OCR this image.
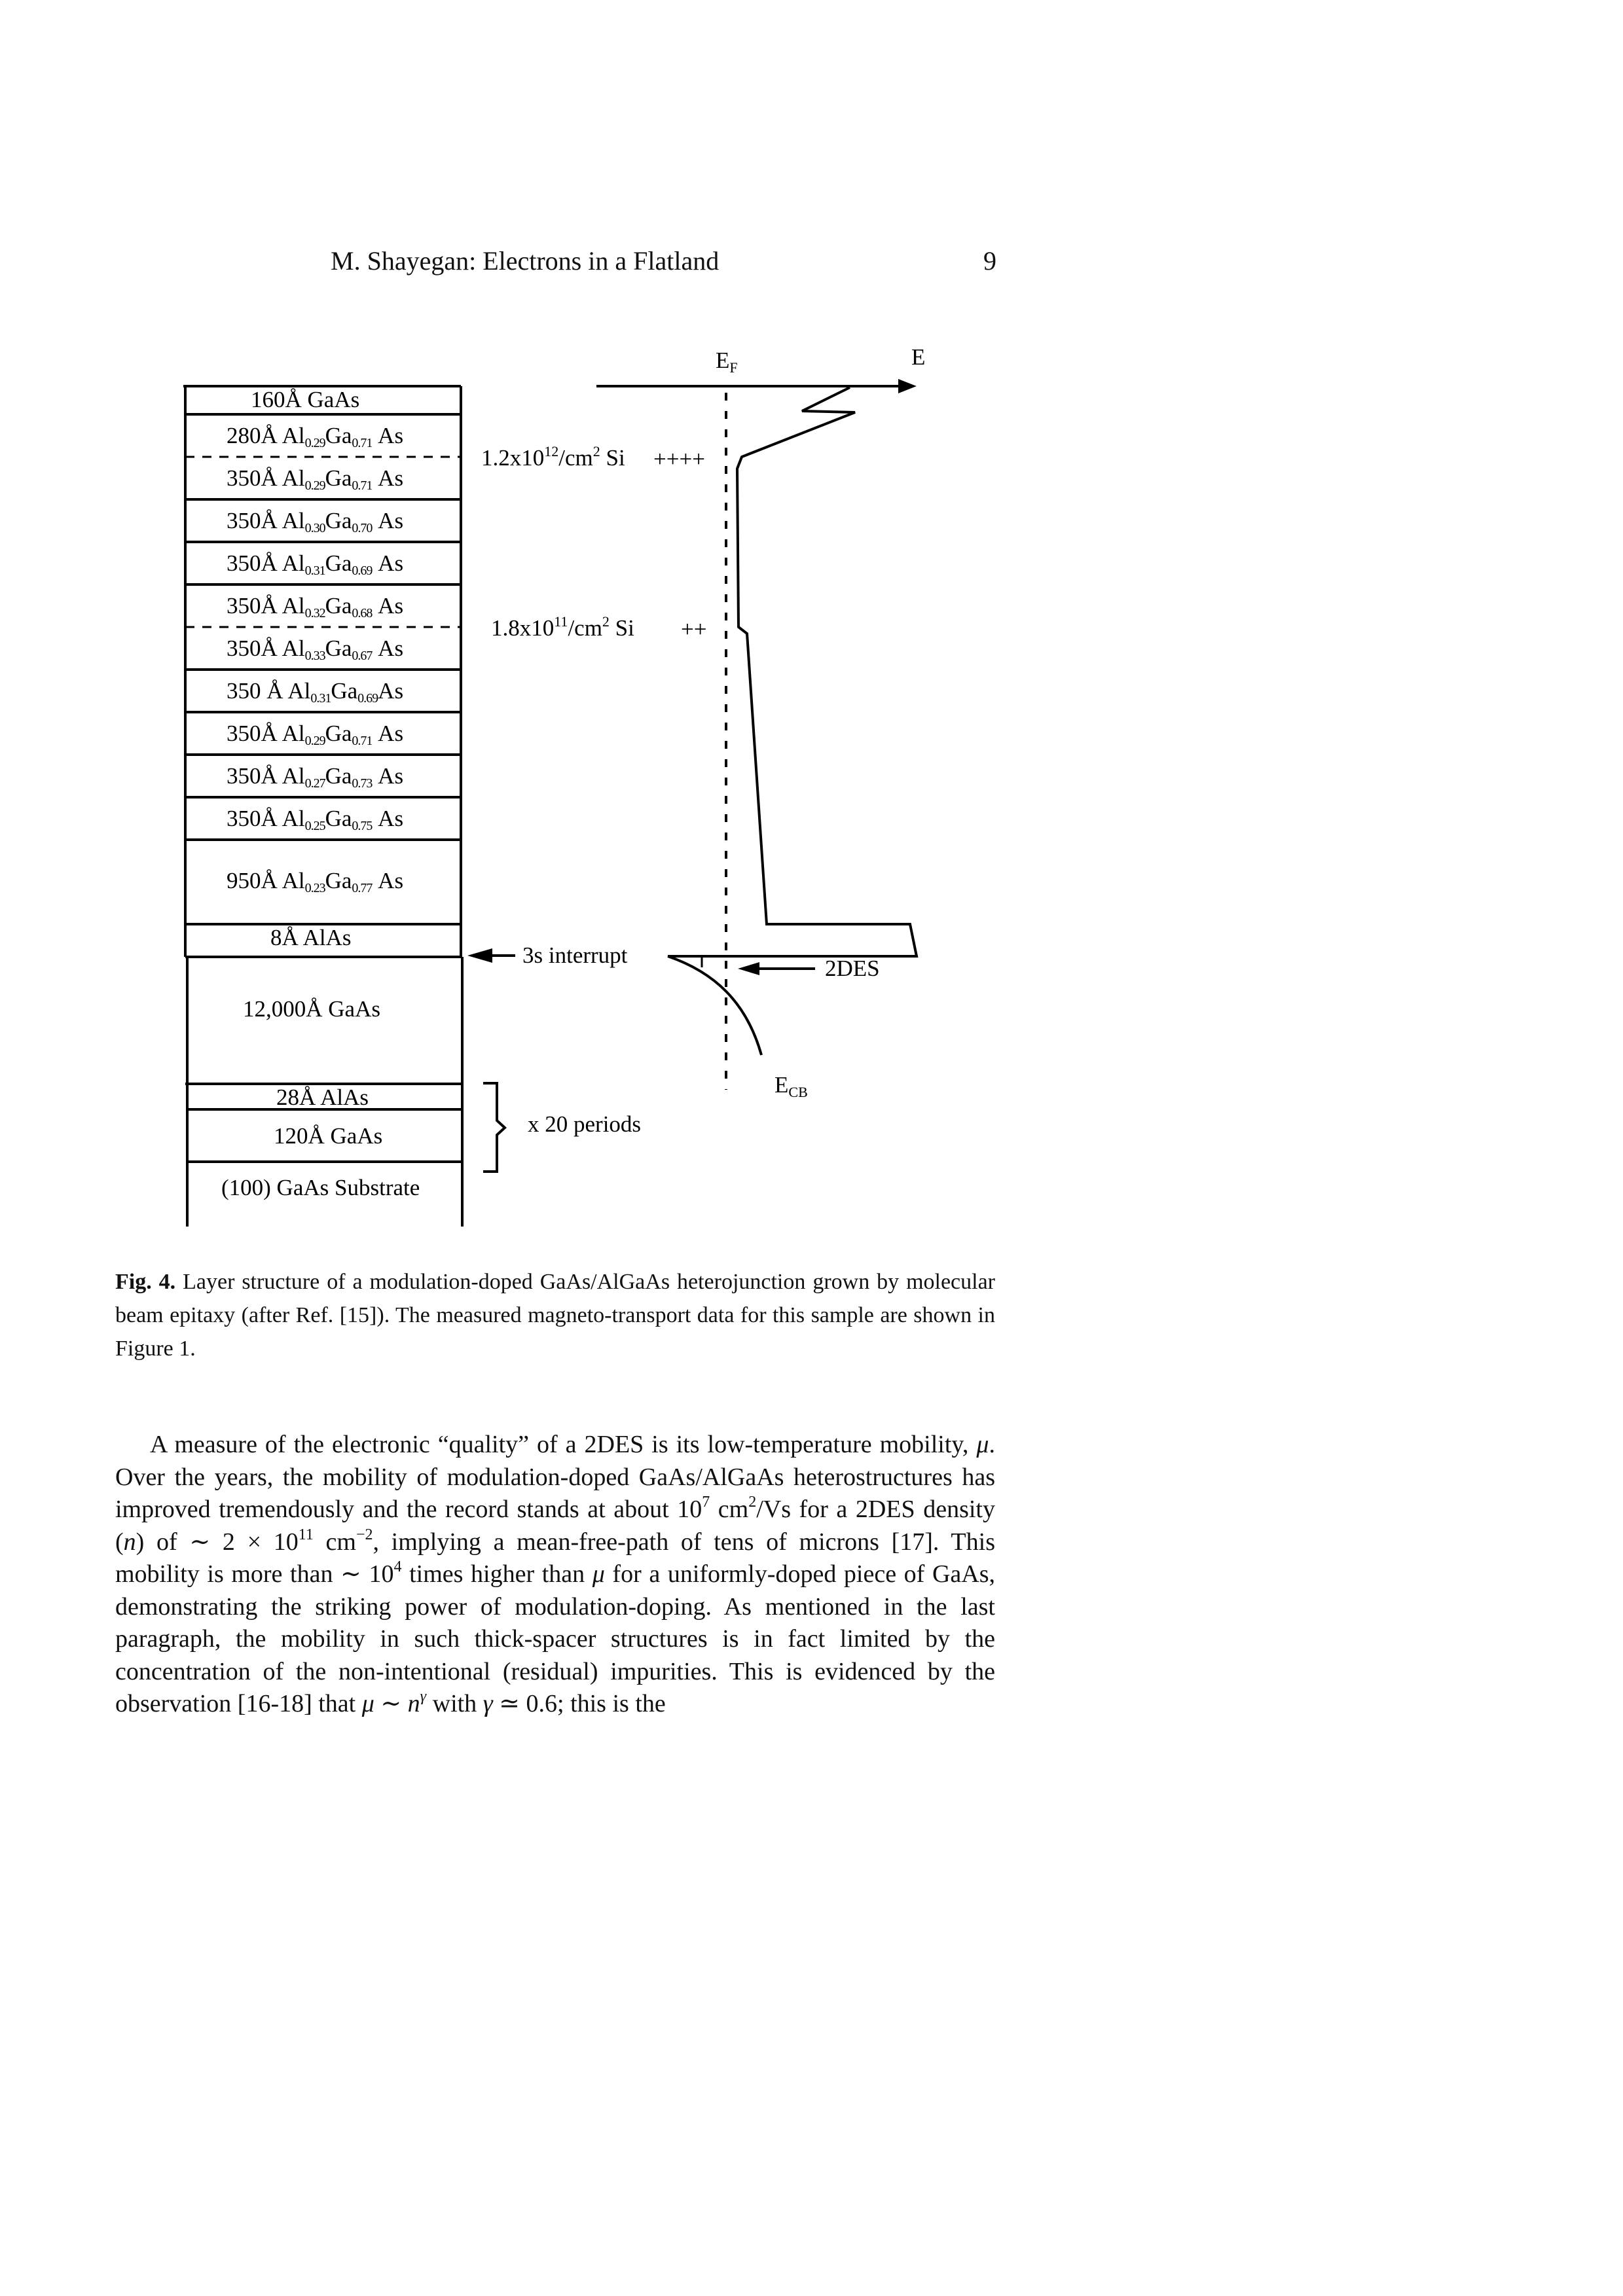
M. Shayegan: Electrons in a Flatland	9
160Å GaAs
280Å $Al_{0.29}Ga_{0.71}$ As
350Å $Al_{0.29}Ga_{0.71}$ As
350Å $Al_{0.30}Ga_{0.70}$ As
350Å $Al_{0.31}Ga_{0.69}$ As
350Å $Al_{0.32}Ga_{0.68}$ As
350Å $Al_{0.33}Ga_{0.67}$ As
350 Å $Al_{0.31}Ga_{0.69}As$
350Å $Al_{0.29}Ga_{0.71}$ As
350Å $Al_{0.27}Ga_{0.73}$ As
350Å $Al_{0.25}Ga_{0.75}$ As
950Å $Al_{0.23}Ga_{0.77}$ As
8Å AlAs
12,000Å GaAs
28Å AlAs
120Å GaAs
(100) GaAs Substrate
$1.2x10^{12}/cm^2$ Si ++++
$1.8x10^{11}/cm^2$ Si ++
3s interrupt
x 20 periods
$E_F$	E
2DES
$E_{CB}$
Fig. 4. Layer structure of a modulation-doped GaAs/AlGaAs heterojunction grown by molecular beam epitaxy (after Ref. [15]). The measured magneto-transport data for this sample are shown in Figure 1.

A measure of the electronic “quality” of a 2DES is its low-temperature mobility, μ. Over the years, the mobility of modulation-doped GaAs/AlGaAs heterostructures has improved tremendously and the record stands at about $10^7$ $cm^2/Vs$ for a 2DES density (n) of ∼ $2 \times 10^{11}$ $cm^{-2}$, implying a mean-free-path of tens of microns [17]. This mobility is more than ∼ $10^4$ times higher than μ for a uniformly-doped piece of GaAs, demonstrating the striking power of modulation-doping. As mentioned in the last paragraph, the mobility in such thick-spacer structures is in fact limited by the concentration of the non-intentional (residual) impurities. This is evidenced by the observation [16-18] that μ ∼ $n^\gamma$ with γ ≃ 0.6; this is the
